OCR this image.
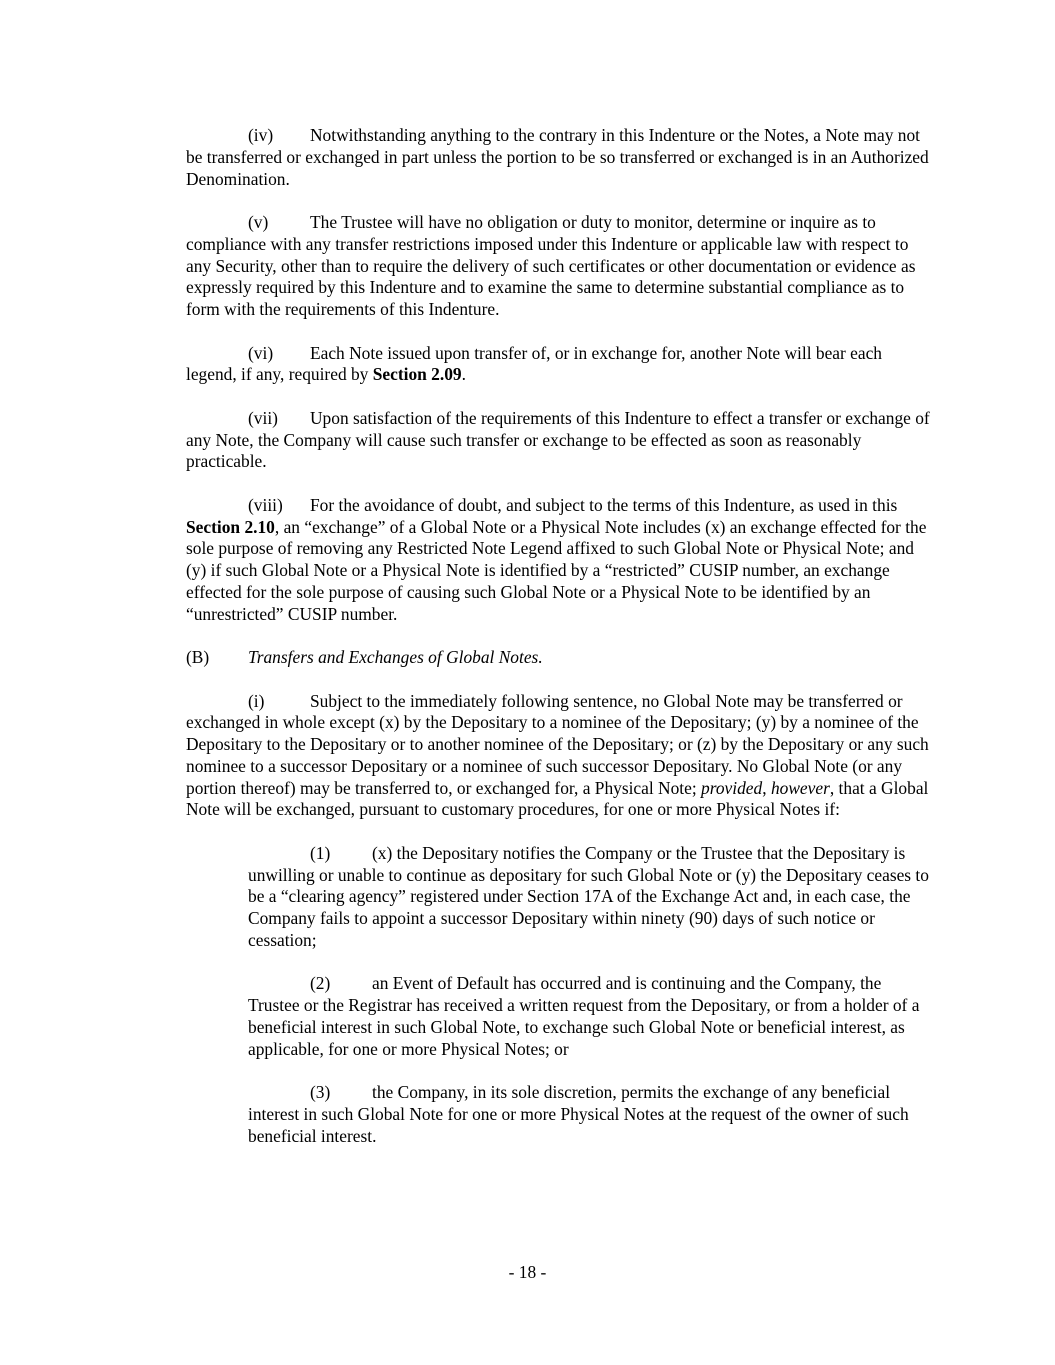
(iv) Notwithstanding anything to the contrary in this Indenture or the Notes, a Note may not be transferred or exchanged in part unless the portion to be so transferred or exchanged is in an Authorized Denomination.

(v) The Trustee will have no obligation or duty to monitor, determine or inquire as to compliance with any transfer restrictions imposed under this Indenture or applicable law with respect to any Security, other than to require the delivery of such certificates or other documentation or evidence as expressly required by this Indenture and to examine the same to determine substantial compliance as to form with the requirements of this Indenture.

(vi) Each Note issued upon transfer of, or in exchange for, another Note will bear each legend, if any, required by Section 2.09.

(vii) Upon satisfaction of the requirements of this Indenture to effect a transfer or exchange of any Note, the Company will cause such transfer or exchange to be effected as soon as reasonably practicable.

(viii) For the avoidance of doubt, and subject to the terms of this Indenture, as used in this Section 2.10, an “exchange” of a Global Note or a Physical Note includes (x) an exchange effected for the sole purpose of removing any Restricted Note Legend affixed to such Global Note or Physical Note; and (y) if such Global Note or a Physical Note is identified by a “restricted” CUSIP number, an exchange effected for the sole purpose of causing such Global Note or a Physical Note to be identified by an “unrestricted” CUSIP number.

(B) Transfers and Exchanges of Global Notes.

(i)	Subject to the immediately following sentence, no Global Note may be transferred or exchanged in whole except (x) by the Depositary to a nominee of the Depositary; (y) by a nominee of the Depositary to the Depositary or to another nominee of the Depositary; or (z) by the Depositary or any such nominee to a successor Depositary or a nominee of such successor Depositary. No Global Note (or any portion thereof) may be transferred to, or exchanged for, a Physical Note; provided, however, that a Global Note will be exchanged, pursuant to customary procedures, for one or more Physical Notes if:

(1) (x) the Depositary notifies the Company or the Trustee that the Depositary is unwilling or unable to continue as depositary for such Global Note or (y) the Depositary ceases to be a “clearing agency” registered under Section 17A of the Exchange Act and, in each case, the Company fails to appoint a successor Depositary within ninety (90) days of such notice or cessation;

(2) an Event of Default has occurred and is continuing and the Company, the Trustee or the Registrar has received a written request from the Depositary, or from a holder of a beneficial interest in such Global Note, to exchange such Global Note or beneficial interest, as applicable, for one or more Physical Notes; or

(3) the Company, in its sole discretion, permits the exchange of any beneficial interest in such Global Note for one or more Physical Notes at the request of the owner of such beneficial interest.

- 18 -
